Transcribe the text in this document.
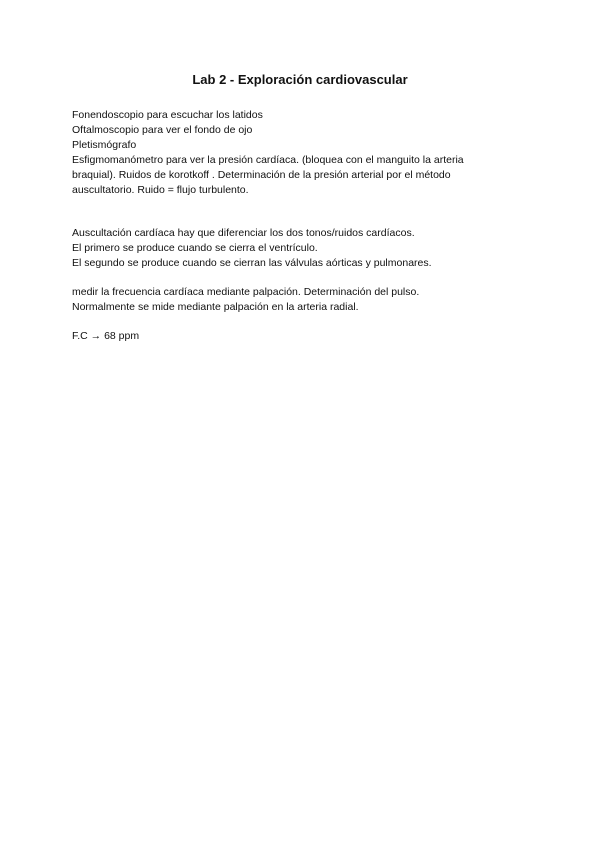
Lab 2 - Exploración cardiovascular
Fonendoscopio para escuchar los latidos
Oftalmoscopio para ver el fondo de ojo
Pletismógrafo
Esfigmomanómetro para ver la presión cardíaca. (bloquea con el manguito la arteria
braquial). Ruidos de korotkoff . Determinación de la presión arterial por el método
auscultatorio. Ruido = flujo turbulento.
Auscultación cardíaca hay que diferenciar los dos tonos/ruidos cardíacos.
El primero se produce cuando se cierra el ventrículo.
El segundo se produce cuando se cierran las válvulas aórticas y pulmonares.
medir la frecuencia cardíaca mediante palpación. Determinación del pulso.
Normalmente se mide mediante palpación en la arteria radial.
F.C → 68 ppm
